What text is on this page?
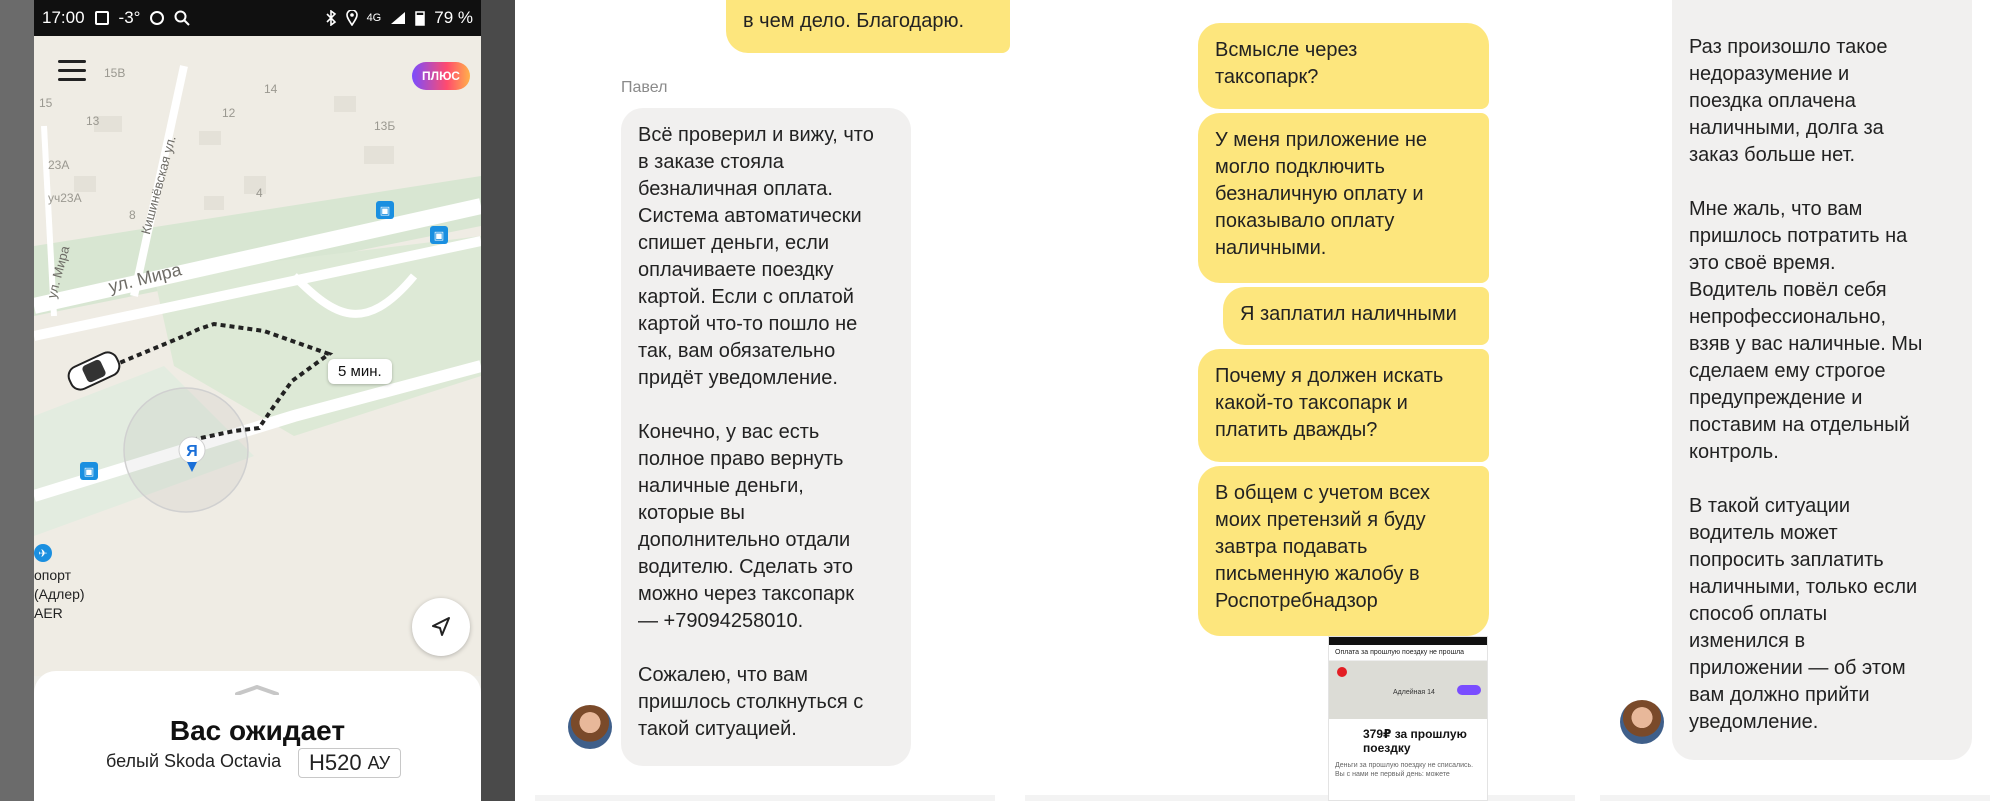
17:00 -3°	4G	79 %
ПЛЮС
15B
14
15
13
12
13Б
23A
4
уч23А
8
ул. Мира
Кишинёвская ул.
ул. Мира
▣
▣
▣
✈
5 мин.
Я
опорт
(Адлер)
AER
Вас ожидает
белый Skoda Octavia Н520 АУ
в чем дело. Благодарю.
Павел
Всё проверил и вижу, что
в заказе стояла
безналичная оплата.
Система автоматически
спишет деньги, если
оплачиваете поездку
картой. Если с оплатой
картой что-то пошло не
так, вам обязательно
придёт уведомление.

Конечно, у вас есть
полное право вернуть
наличные деньги,
которые вы
дополнительно отдали
водителю. Сделать это
можно через таксопарк
— +79094258010.

Сожалею, что вам
пришлось столкнуться с
такой ситуацией.
Всмысле через
таксопарк?
У меня приложение не
могло подключить
безналичную оплату и
показывало оплату
наличными.
Я заплатил наличными
Почему я должен искать
какой-то таксопарк и
платить дважды?
В общем с учетом всех
моих претензий я буду
завтра подавать
письменную жалобу в
Роспотребнадзор
Оплата за прошлую поездку не прошла
Адлейная 14
379₽ за прошлую
поездку
Деньги за прошлую поездку не списались.
Вы с нами не первый день: можете
Раз произошло такое
недоразумение и
поездка оплачена
наличными, долга за
заказ больше нет.

Мне жаль, что вам
пришлось потратить на
это своё время.
Водитель повёл себя
непрофессионально,
взяв у вас наличные. Мы
сделаем ему строгое
предупреждение и
поставим на отдельный
контроль.

В такой ситуации
водитель может
попросить заплатить
наличными, только если
способ оплаты
изменился в
приложении — об этом
вам должно прийти
уведомление.
